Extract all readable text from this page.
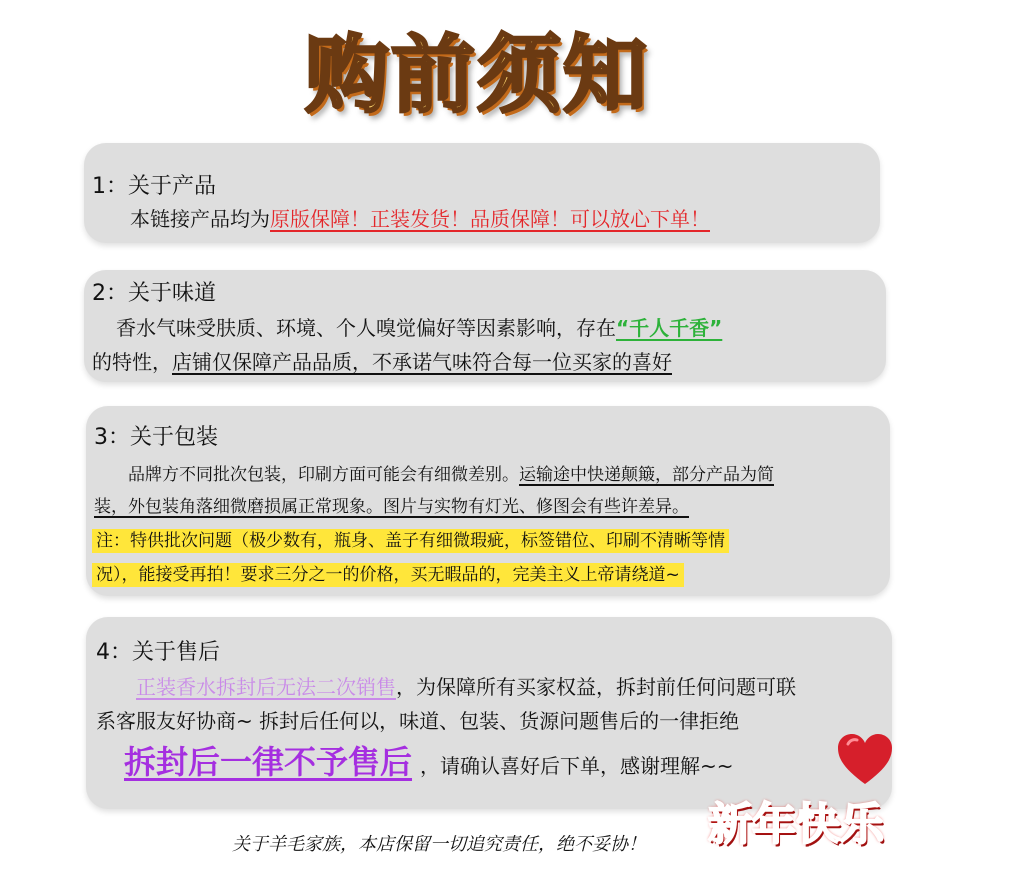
购前须知
1：关于产品
本链接产品均为原版保障！正装发货！品质保障！可以放心下单！
2：关于味道
香水气味受肤质、环境、个人嗅觉偏好等因素影响，存在“千人千香”
的特性，店铺仅保障产品品质，不承诺气味符合每一位买家的喜好
3：关于包装
品牌方不同批次包装，印刷方面可能会有细微差别。运输途中快递颠簸，部分产品为简
装，外包装角落细微磨损属正常现象。图片与实物有灯光、修图会有些许差异。
注：特供批次问题（极少数有，瓶身、盖子有细微瑕疵，标签错位、印刷不清晰等情
况），能接受再拍！要求三分之一的价格，买无暇品的，完美主义上帝请绕道~
4：关于售后
正装香水拆封后无法二次销售，为保障所有买家权益，拆封前任何问题可联
系客服友好协商~ 拆封后任何以，味道、包装、货源问题售后的一律拒绝
拆封后一律不予售后 ，请确认喜好后下单，感谢理解~~
关于羊毛家族，本店保留一切追究责任，绝不妥协！ 新年快乐
